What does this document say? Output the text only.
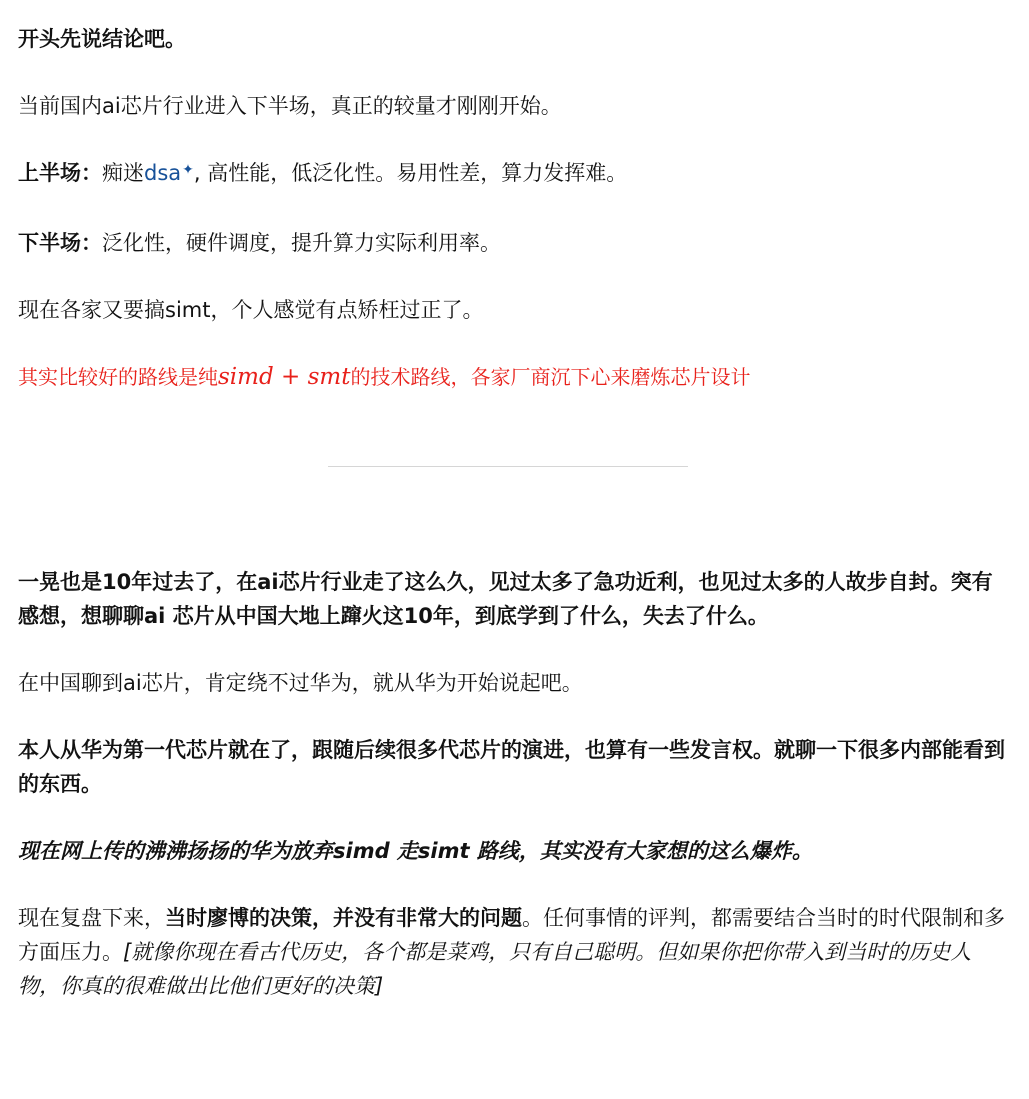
开头先说结论吧。

当前国内ai芯片行业进入下半场，真正的较量才刚刚开始。

上半场：痴迷dsa✦, 高性能，低泛化性。易用性差，算力发挥难。

下半场：泛化性，硬件调度，提升算力实际利用率。

现在各家又要搞simt，个人感觉有点矫枉过正了。

其实比较好的路线是纯simd + smt的技术路线，各家厂商沉下心来磨炼芯片设计

一晃也是10年过去了，在ai芯片行业走了这么久，见过太多了急功近利，也见过太多的人故步自封。突有感想，想聊聊ai 芯片从中国大地上蹿火这10年，到底学到了什么，失去了什么。

在中国聊到ai芯片，肯定绕不过华为，就从华为开始说起吧。

本人从华为第一代芯片就在了，跟随后续很多代芯片的演进，也算有一些发言权。就聊一下很多内部能看到的东西。

现在网上传的沸沸扬扬的华为放弃simd 走simt 路线，其实没有大家想的这么爆炸。

现在复盘下来，当时廖博的决策，并没有非常大的问题。任何事情的评判，都需要结合当时的时代限制和多方面压力。[就像你现在看古代历史，各个都是菜鸡，只有自己聪明。但如果你把你带入到当时的历史人物，你真的很难做出比他们更好的决策]
